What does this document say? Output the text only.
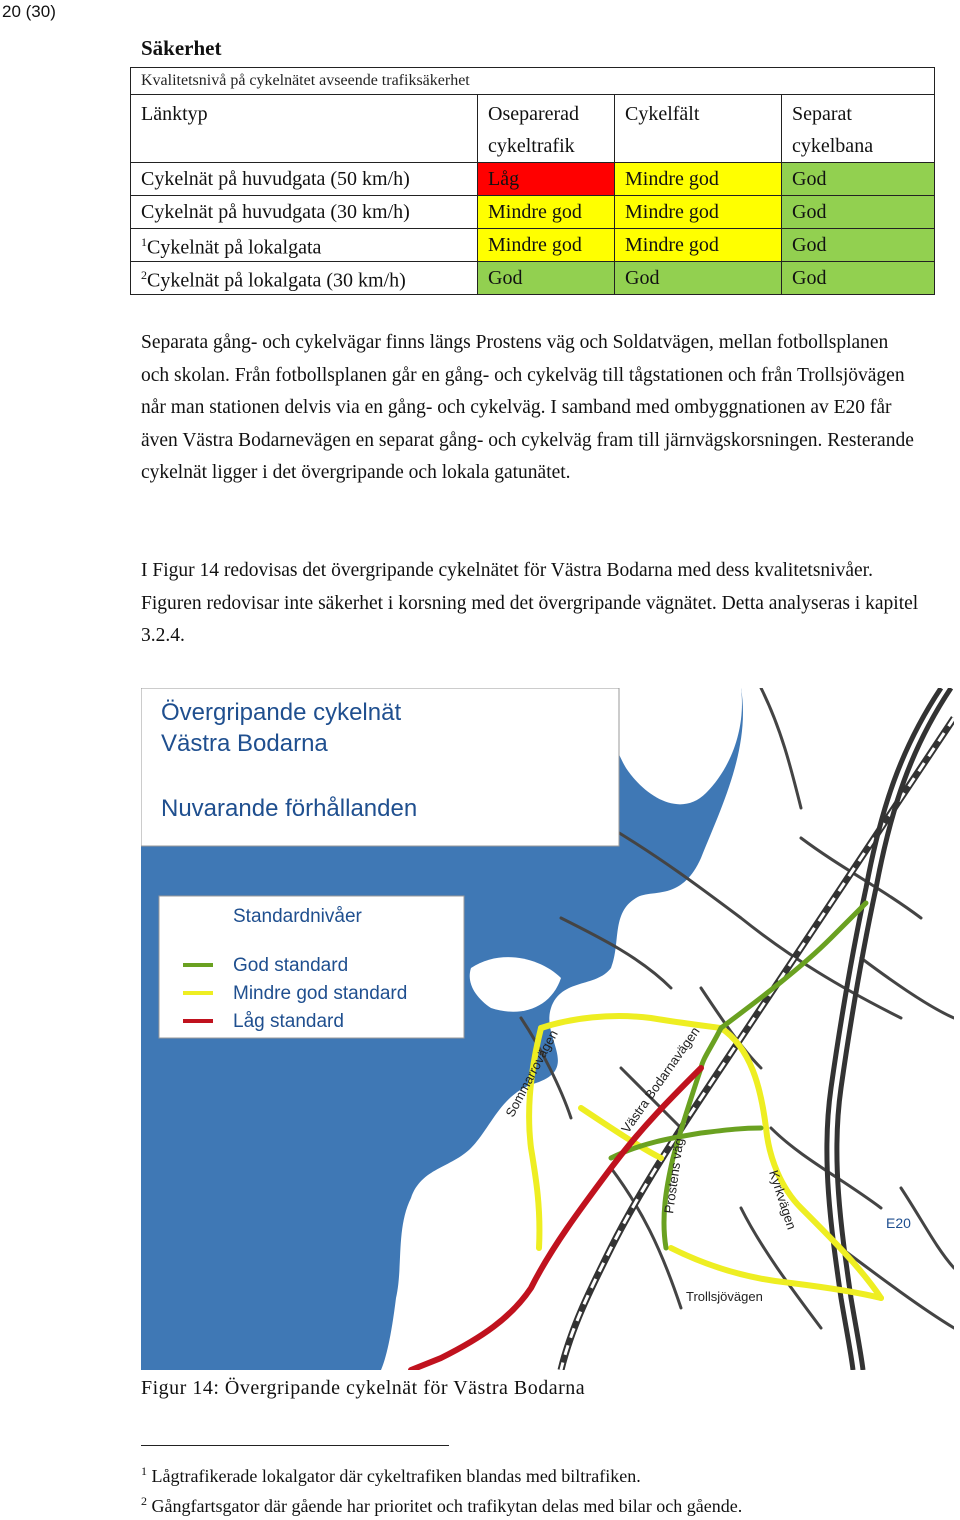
20 (30)
Säkerhet
Kvalitetsnivå på cykelnätet avseende trafiksäkerhet			
Länktyp	Oseparerad cykeltrafik	Cykelfält	Separat cykelbana
Cykelnät på huvudgata (50 km/h)	Låg	Mindre god	God
Cykelnät på huvudgata (30 km/h)	Mindre god	Mindre god	God
$^1$Cykelnät på lokalgata	Mindre god	Mindre god	God
$^2$Cykelnät på lokalgata (30 km/h)	God	God	God

Separata gång- och cykelvägar finns längs Prostens väg och Soldatvägen, mellan fotbollsplanen och skolan. Från fotbollsplanen går en gång- och cykelväg till tågstationen och från Trollsjövägen når man stationen delvis via en gång- och cykelväg. I samband med ombyggnationen av E20 får även Västra Bodarnevägen en separat gång- och cykelväg fram till järnvägskorsningen. Resterande cykelnät ligger i det övergripande och lokala gatunätet.

I Figur 14 redovisas det övergripande cykelnätet för Västra Bodarna med dess kvalitetsnivåer. Figuren redovisar inte säkerhet i korsning med det övergripande vägnätet. Detta analyseras i kapitel 3.2.4.

Övergripande cykelnät
Västra Bodarna
Nuvarande förhållanden
Standardnivåer
God standard
Mindre god standard
Låg standard
Sommarrovägen	Västra Bodarnavägen
Prostens väg	Kyrkvägen	E20
Trollsjövägen
Figur 14: Övergripande cykelnät för Västra Bodarna
$^1$ Lågtrafikerade lokalgator där cykeltrafiken blandas med biltrafiken.
$^2$ Gångfartsgator där gående har prioritet och trafikytan delas med bilar och gående.
